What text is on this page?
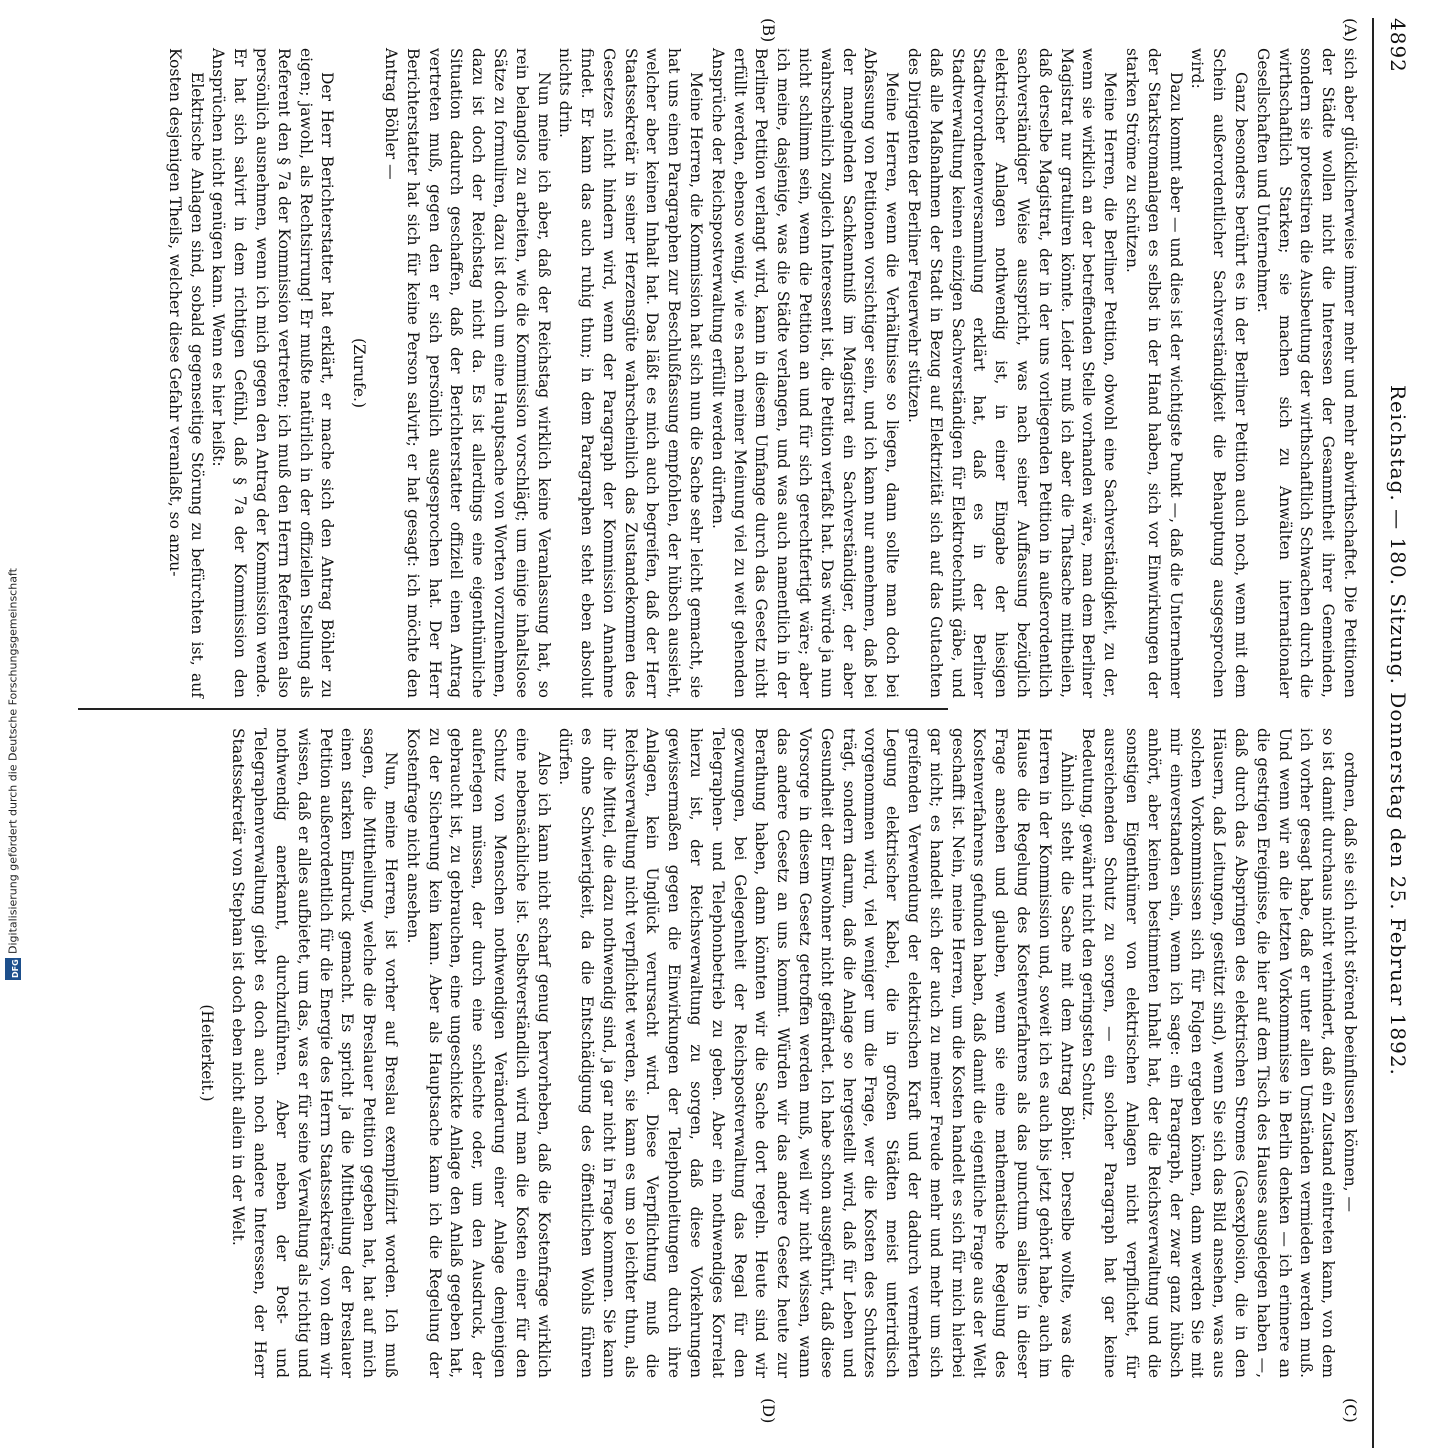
4892
Reichstag. — 180. Sitzung. Donnerstag den 25. Februar 1892.
(A)
(B)
(C)
(D)

sich aber glücklicherweise immer mehr und mehr abwirthschaftet. Die Petitionen der Städte wollen nicht die Interessen der Gesammtheit ihrer Gemeinden, sondern sie protestiren die Ausbeutung der wirthschaftlich Schwachen durch die wirthschaftlich Starken; sie machen sich zu Anwälten internationaler Gesellschaften und Unternehmer.

Ganz besonders berührt es in der Berliner Petition auch noch, wenn mit dem Schein außerordentlicher Sachverständigkeit die Behauptung ausgesprochen wird:

Dazu kommt aber — und dies ist der wichtigste Punkt —, daß die Unternehmer der Starkstromanlagen es selbst in der Hand haben, sich vor Einwirkungen der starken Ströme zu schützen.

Meine Herren, die Berliner Petition, obwohl eine Sachverständigkeit, zu der, wenn sie wirklich an der betreffenden Stelle vorhanden wäre, man dem Berliner Magistrat nur gratuliren könnte. Leider muß ich aber die Thatsache mittheilen, daß derselbe Magistrat, der in der uns vorliegenden Petition in außerordentlich sachverständiger Weise ausspricht, was nach seiner Auffassung bezüglich elektrischer Anlagen nothwendig ist, in einer Eingabe der hiesigen Stadtverordnetenversammlung erklärt hat, daß es in der Berliner Stadtverwaltung keinen einzigen Sachverständigen für Elektrotechnik gäbe, und daß alle Maßnahmen der Stadt in Bezug auf Elektrizität sich auf das Gutachten des Dirigenten der Berliner Feuerwehr stützen.

Meine Herren, wenn die Verhältnisse so liegen, dann sollte man doch bei Abfassung von Petitionen vorsichtiger sein, und ich kann nur annehmen, daß bei der mangelnden Sachkenntniß im Magistrat ein Sachverständiger, der aber wahrscheinlich zugleich Interessent ist, die Petition verfaßt hat. Das würde ja nun nicht schlimm sein, wenn die Petition an und für sich gerechtfertigt wäre; aber ich meine, dasjenige, was die Städte verlangen, und was auch namentlich in der Berliner Petition verlangt wird, kann in diesem Umfange durch das Gesetz nicht erfüllt werden, ebenso wenig, wie es nach meiner Meinung viel zu weit gehenden Ansprüche der Reichspostverwaltung erfüllt werden dürften.

Meine Herren, die Kommission hat sich nun die Sache sehr leicht gemacht, sie hat uns einen Paragraphen zur Beschlußfassung empfohlen, der hübsch aussieht, welcher aber keinen Inhalt hat. Das läßt es mich auch begreifen, daß der Herr Staatssekretär in seiner Herzensgüte wahrscheinlich das Zustandekommen des Gesetzes nicht hindern wird, wenn der Paragraph der Kommission Annahme findet. Er kann das auch ruhig thun; in dem Paragraphen steht eben absolut nichts drin.

Nun meine ich aber, daß der Reichstag wirklich keine Veranlassung hat, so rein belanglos zu arbeiten, wie die Kommission vorschlägt; um einige inhaltslose Sätze zu formuliren, dazu ist doch um eine Hauptsache von Worten vorzunehmen, dazu ist doch der Reichstag nicht da. Es ist allerdings eine eigenthümliche Situation dadurch geschaffen, daß der Berichterstatter offiziell einen Antrag vertreten muß, gegen den er sich persönlich ausgesprochen hat. Der Herr Berichterstatter hat sich für keine Person salvirt; er hat gesagt: ich möchte den Antrag Böhler —

(Zurufe.)

Der Herr Berichterstatter hat erklärt, er mache sich den Antrag Böhler zu eigen; jawohl, als Rechtsirrung! Er mußte natürlich in der offiziellen Stellung als Referent den § 7a der Kommission vertreten; ich muß den Herrn Referenten also persönlich ausnehmen, wenn ich mich gegen den Antrag der Kommission wende. Er hat sich salvirt in dem richtigen Gefühl, daß § 7a der Kommission den Ansprüchen nicht genügen kann. Wenn es hier heißt:

Elektrische Anlagen sind, sobald gegenseitige Störung zu befürchten ist, auf Kosten desjenigen Theils, welcher diese Gefahr veranlaßt, so anzu-

ordnen, daß sie sich nicht störend beeinflussen können, —

so ist damit durchaus nicht verhindert, daß ein Zustand eintreten kann, von dem ich vorher gesagt habe, daß er unter allen Umständen vermieden werden muß. Und wenn wir an die letzten Vorkommnisse in Berlin denken — ich erinnere an die gestrigen Ereignisse, die hier auf dem Tisch des Hauses ausgelegen haben —, daß durch das Abspringen des elektrischen Stromes (Gasexplosion, die in den Häusern, daß Leitungen, gestützt sind), wenn Sie sich das Bild ansehen, was aus solchen Vorkommnissen sich für Folgen ergeben können, dann werden Sie mit mir einverstanden sein, wenn ich sage: ein Paragraph, der zwar ganz hübsch anhört, aber keinen bestimmten Inhalt hat, der die Reichsverwaltung und die sonstigen Eigenthümer von elektrischen Anlagen nicht verpflichtet, für ausreichenden Schutz zu sorgen, — ein solcher Paragraph hat gar keine Bedeutung, gewährt nicht den geringsten Schutz.

Ähnlich steht die Sache mit dem Antrag Böhler. Derselbe wollte, was die Herren in der Kommission und, soweit ich es auch bis jetzt gehört habe, auch im Hause die Regelung des Kostenverfahrens als das punctum saliens in dieser Frage ansehen und glauben, wenn sie eine mathematische Regelung des Kostenverfahrens gefunden haben, daß damit die eigentliche Frage aus der Welt geschafft ist. Nein, meine Herren, um die Kosten handelt es sich für mich hierbei gar nicht; es handelt sich der auch zu meiner Freude mehr und mehr um sich greifenden Verwendung der elektrischen Kraft und der dadurch vermehrten Legung elektrischer Kabel, die in großen Städten meist unterirdisch vorgenommen wird, viel weniger um die Frage, wer die Kosten des Schutzes trägt, sondern darum, daß die Anlage so hergestellt wird, daß für Leben und Gesundheit der Einwohner nicht gefährdet. Ich habe schon ausgeführt, daß diese Vorsorge in diesem Gesetz getroffen werden muß, weil wir nicht wissen, wann das andere Gesetz an uns kommt. Würden wir das andere Gesetz heute zur Berathung haben, dann könnten wir die Sache dort regeln. Heute sind wir gezwungen, bei Gelegenheit der Reichspostverwaltung das Regal für den Telegraphen- und Telephonbetrieb zu geben. Aber ein nothwendiges Korrelat hierzu ist, der Reichsverwaltung zu sorgen, daß diese Vorkehrungen gewissermaßen gegen die Einwirkungen der Telephonleitungen durch ihre Anlagen, kein Unglück verursacht wird. Diese Verpflichtung muß die Reichsverwaltung nicht verpflichtet werden, sie kann es um so leichter thun, als ihr die Mittel, die dazu nothwendig sind, ja gar nicht in Frage kommen. Sie kann es ohne Schwierigkeit, da die Entschädigung des öffentlichen Wohls führen dürfen.

Also ich kann nicht scharf genug hervorheben, daß die Kostenfrage wirklich eine nebensächliche ist. Selbstverständlich wird man die Kosten einer für den Schutz von Menschen nothwendigen Veränderung einer Anlage demjenigen auferlegen müssen, der durch eine schlechte oder, um den Ausdruck, der gebraucht ist, zu gebrauchen, eine ungeschickte Anlage den Anlaß gegeben hat, zu der Sicherung kein kann. Aber als Hauptsache kann ich die Regelung der Kostenfrage nicht ansehen.

Nun, meine Herren, ist vorher auf Breslau exemplifizirt worden. Ich muß sagen, die Mittheilung, welche die Breslauer Petition gegeben hat, hat auf mich einen starken Eindruck gemacht. Es spricht ja die Mittheilung der Breslauer Petition außerordentlich für die Energie des Herrn Staatssekretärs, von dem wir wissen, daß er alles aufbietet, um das, was er für seine Verwaltung als richtig und nothwendig anerkannt, durchzuführen. Aber neben der Post- und Telegraphenverwaltung giebt es doch auch noch andere Interessen, der Herr Staatssekretär von Stephan ist doch eben nicht allein in der Welt.

(Heiterkeit.)

DFG
Digitalisierung gefördert durch die Deutsche Forschungsgemeinschaft
